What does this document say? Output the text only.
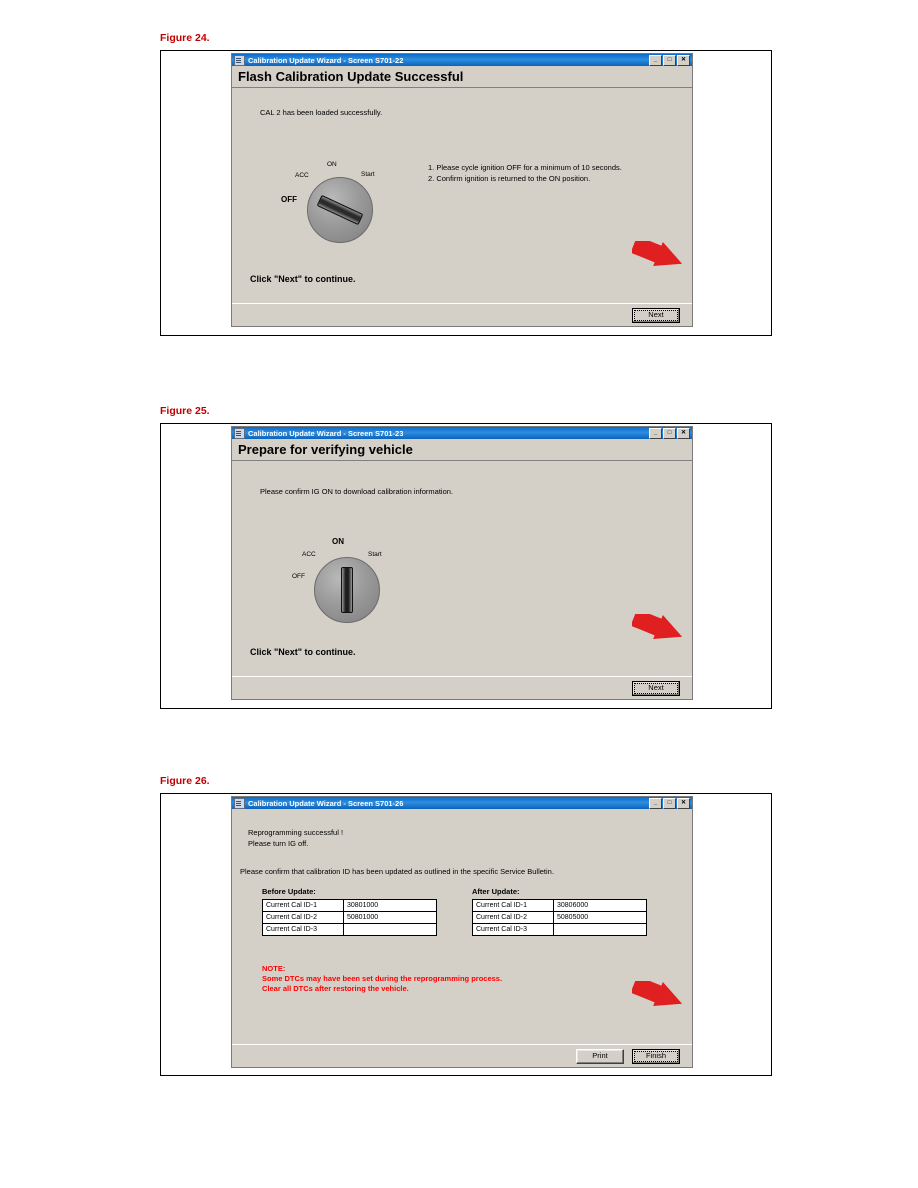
Figure 24.
Calibration Update Wizard - Screen S701-22	_	□	✕
Flash Calibration Update Successful
CAL 2 has been loaded successfully.
OFF
ACC
ON
Start
1. Please cycle ignition OFF for a minimum of 10 seconds.
2. Confirm ignition is returned to the ON position.
Click "Next" to continue.
Next
Figure 25.
Calibration Update Wizard - Screen S701-23	_	□	✕
Prepare for verifying vehicle
Please confirm IG ON to download calibration information.
OFF
ACC
ON
Start
Click "Next" to continue.
Next
Figure 26.
Calibration Update Wizard - Screen S701-26	_	□	✕
Reprogramming successful !
Please turn IG off.
Please confirm that calibration ID has been updated as outlined in the specific Service Bulletin.
Before Update:
Current Cal ID-1	30801000
Current Cal ID-2	50801000
Current Cal ID-3	
After Update:
Current Cal ID-1	30806000
Current Cal ID-2	50805000
Current Cal ID-3	
NOTE:
Some DTCs may have been set during the reprogramming process.
Clear all DTCs after restoring the vehicle.
Print	Finish
